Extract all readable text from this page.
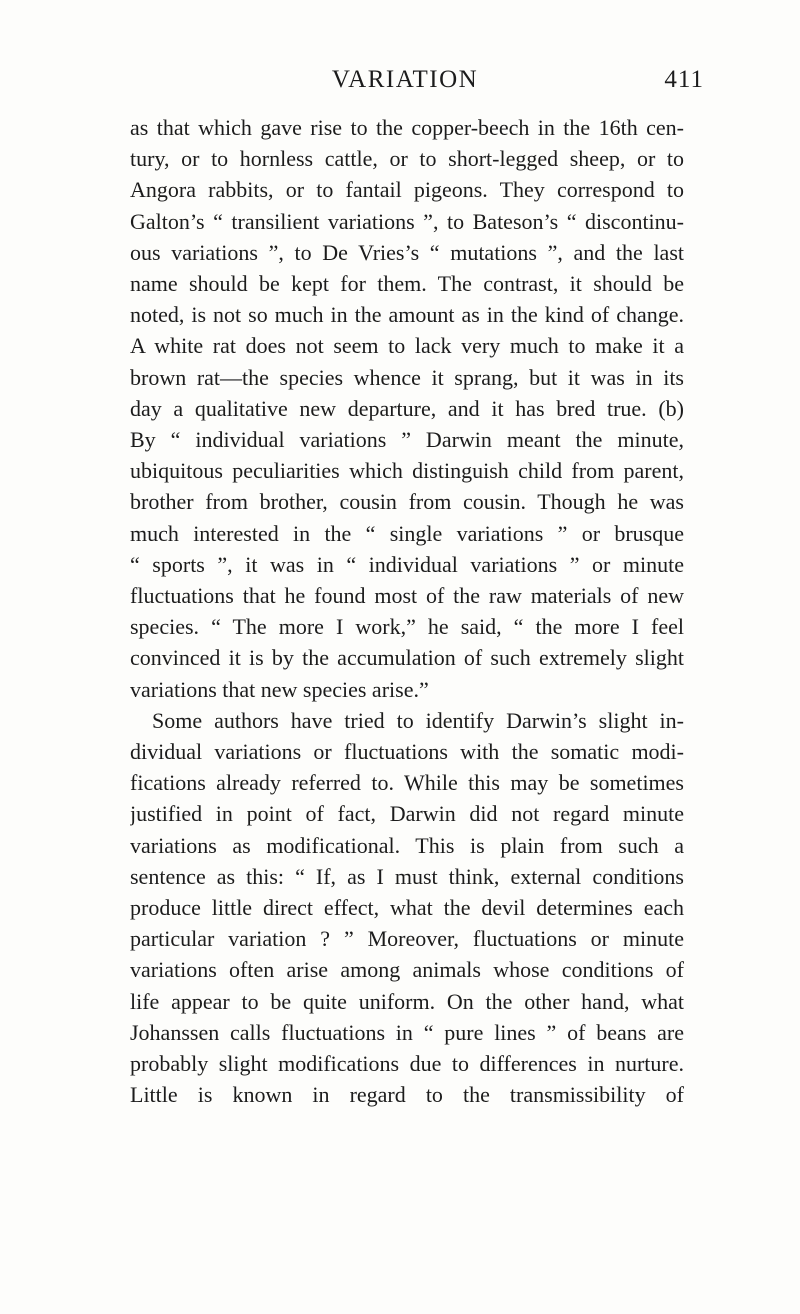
VARIATION	411
as that which gave rise to the copper-beech in the 16th cen-
tury, or to hornless cattle, or to short-legged sheep, or to
Angora rabbits, or to fantail pigeons. They correspond to
Galton’s “ transilient variations ”, to Bateson’s “ discontinu-
ous variations ”, to De Vries’s “ mutations ”, and the last
name should be kept for them. The contrast, it should be
noted, is not so much in the amount as in the kind of change.
A white rat does not seem to lack very much to make it a
brown rat—the species whence it sprang, but it was in its
day a qualitative new departure, and it has bred true. (b)
By “ individual variations ” Darwin meant the minute,
ubiquitous peculiarities which distinguish child from parent,
brother from brother, cousin from cousin. Though he was
much interested in the “ single variations ” or brusque
“ sports ”, it was in “ individual variations ” or minute
fluctuations that he found most of the raw materials of new
species. “ The more I work,” he said, “ the more I feel
convinced it is by the accumulation of such extremely slight
variations that new species arise.”
Some authors have tried to identify Darwin’s slight in-
dividual variations or fluctuations with the somatic modi-
fications already referred to. While this may be sometimes
justified in point of fact, Darwin did not regard minute
variations as modificational. This is plain from such a
sentence as this: “ If, as I must think, external conditions
produce little direct effect, what the devil determines each
particular variation ? ” Moreover, fluctuations or minute
variations often arise among animals whose conditions of
life appear to be quite uniform. On the other hand, what
Johanssen calls fluctuations in “ pure lines ” of beans are
probably slight modifications due to differences in nurture.
Little is known in regard to the transmissibility of
